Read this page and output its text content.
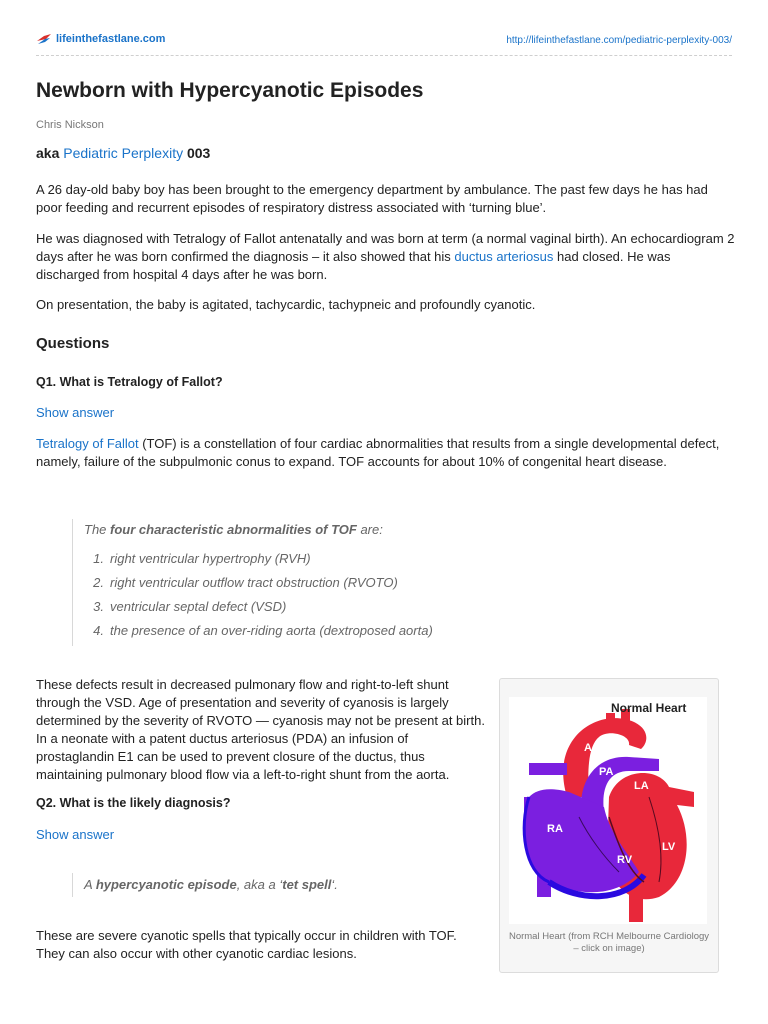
lifeinthefastlane.com	http://lifeinthefastlane.com/pediatric-perplexity-003/
Newborn with Hypercyanotic Episodes
Chris Nickson
aka Pediatric Perplexity 003

A 26 day-old baby boy has been brought to the emergency department by ambulance. The past few days he has had poor feeding and recurrent episodes of respiratory distress associated with ‘turning blue’.

He was diagnosed with Tetralogy of Fallot antenatally and was born at term (a normal vaginal birth). An echocardiogram 2 days after he was born confirmed the diagnosis – it also showed that his ductus arteriosus had closed. He was discharged from hospital 4 days after he was born.

On presentation, the baby is agitated, tachycardic, tachypneic and profoundly cyanotic.

Questions
Q1. What is Tetralogy of Fallot?
Show answer

Tetralogy of Fallot (TOF) is a constellation of four cardiac abnormalities that results from a single developmental defect, namely, failure of the subpulmonic conus to expand. TOF accounts for about 10% of congenital heart disease.

The four characteristic abnormalities of TOF are:
1. right ventricular hypertrophy (RVH)
2. right ventricular outflow tract obstruction (RVOTO)
3. ventricular septal defect (VSD)
4. the presence of an over-riding aorta (dextroposed aorta)

These defects result in decreased pulmonary flow and right-to-left shunt through the VSD. Age of presentation and severity of cyanosis is largely determined by the severity of RVOTO — cyanosis may not be present at birth. In a neonate with a patent ductus arteriosus (PDA) an infusion of prostaglandin E1 can be used to prevent closure of the ductus, thus maintaining pulmonary blood flow via a left-to-right shunt from the aorta.

Q2. What is the likely diagnosis?
Show answer
A hypercyanotic episode, aka a ‘tet spell‘.

These are severe cyanotic spells that typically occur in children with TOF. They can also occur with other cyanotic cardiac lesions.

Normal Heart
Ao
PA
LA
RA
RV
LV
Normal Heart (from RCH Melbourne Cardiology – click on image)
